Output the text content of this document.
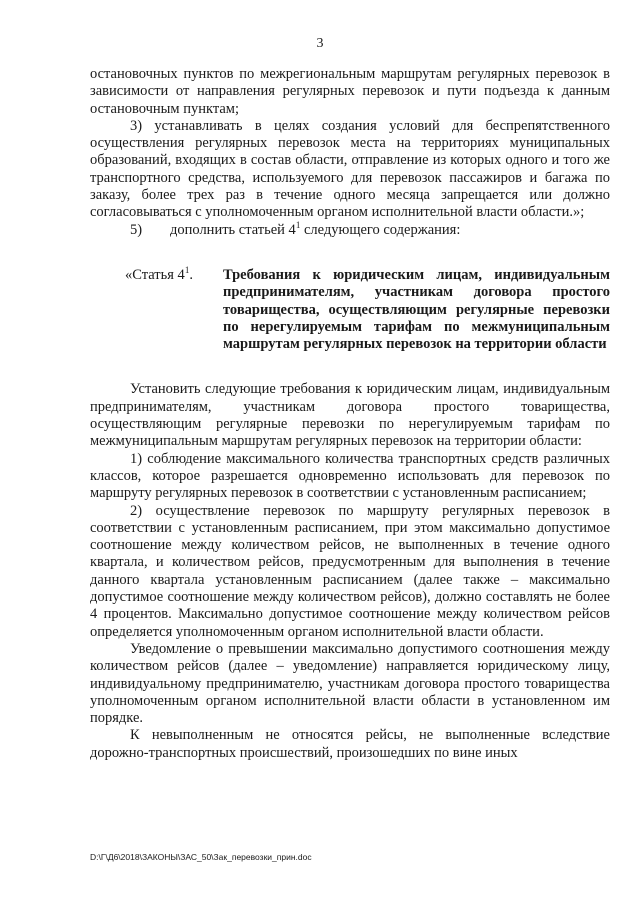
3

остановочных пунктов по межрегиональным маршрутам регулярных перевозок в зависимости от направления регулярных перевозок и пути подъезда к данным остановочным пунктам;

3) устанавливать в целях создания условий для беспрепятственного осуществления регулярных перевозок места на территориях муниципальных образований, входящих в состав области, отправление из которых одного и того же транспортного средства, используемого для перевозок пассажиров и багажа по заказу, более трех раз в течение одного месяца запрещается или должно согласовываться с уполномоченным органом исполнительной власти области.»;

5)	дополнить статьей $4^1$ следующего содержания:
«Статья $4^1$.	Требования к юридическим лицам, индивидуальным предпринимателям, участникам договора простого товарищества, осуществляющим регулярные перевозки по нерегулируемым тарифам по межмуниципальным маршрутам регулярных перевозок на территории области

Установить следующие требования к юридическим лицам, индивидуальным предпринимателям, участникам договора простого товарищества, осуществляющим регулярные перевозки по нерегулируемым тарифам по межмуниципальным маршрутам регулярных перевозок на территории области:

1) соблюдение максимального количества транспортных средств различных классов, которое разрешается одновременно использовать для перевозок по маршруту регулярных перевозок в соответствии с установленным расписанием;

2) осуществление перевозок по маршруту регулярных перевозок в соответствии с установленным расписанием, при этом максимально допустимое соотношение между количеством рейсов, не выполненных в течение одного квартала, и количеством рейсов, предусмотренным для выполнения в течение данного квартала установленным расписанием (далее также – максимально допустимое соотношение между количеством рейсов), должно составлять не более 4 процентов. Максимально допустимое соотношение между количеством рейсов определяется уполномоченным органом исполнительной власти области.

Уведомление о превышении максимально допустимого соотношения между количеством рейсов (далее – уведомление) направляется юридическому лицу, индивидуальному предпринимателю, участникам договора простого товарищества уполномоченным органом исполнительной власти области в установленном им порядке.

К невыполненным не относятся рейсы, не выполненные вследствие дорожно-транспортных происшествий, произошедших по вине иных

D:\Г\Д6\2018\ЗАКОНЫ\ЗАС_50\Зак_перевозки_прин.doc
